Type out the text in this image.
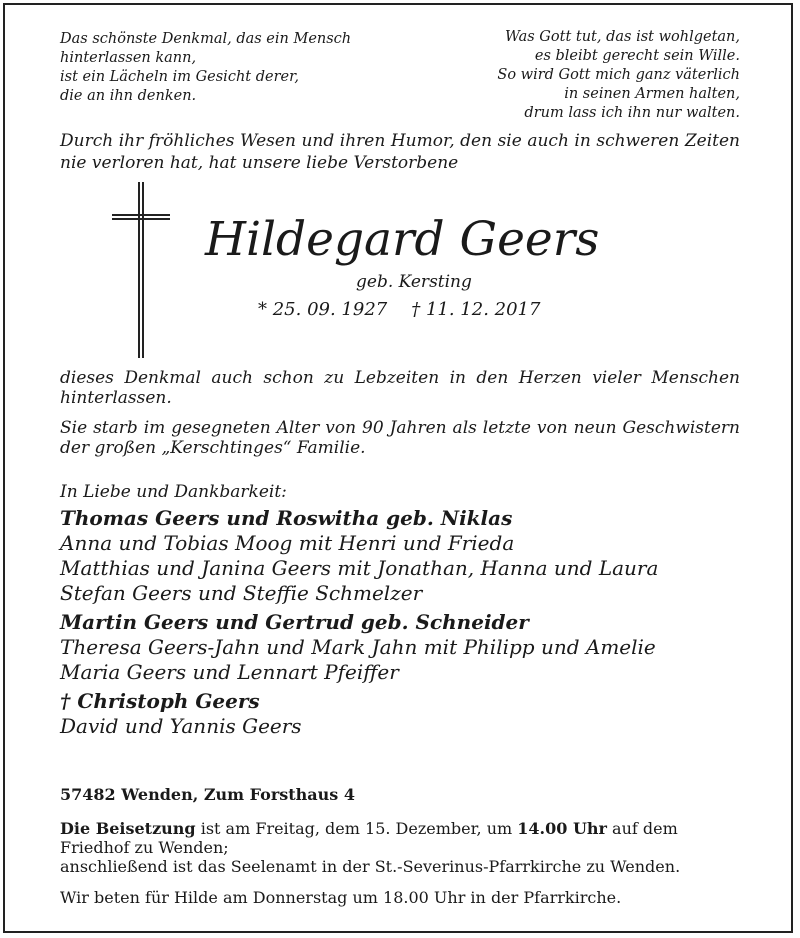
Das schönste Denkmal, das ein Mensch
hinterlassen kann,
ist ein Lächeln im Gesicht derer,
die an ihn denken.
Was Gott tut, das ist wohlgetan,
es bleibt gerecht sein Wille.
So wird Gott mich ganz väterlich
in seinen Armen halten,
drum lass ich ihn nur walten.
Durch ihr fröhliches Wesen und ihren Humor, den sie auch in schweren Zeiten nie verloren hat, hat unsere liebe Verstorbene
Hildegard Geers
geb. Kersting
* 25. 09. 1927 † 11. 12. 2017
dieses Denkmal auch schon zu Lebzeiten in den Herzen vieler Menschen hinterlassen.
Sie starb im gesegneten Alter von 90 Jahren als letzte von neun Geschwistern der großen „Kerschtinges“ Familie.
In Liebe und Dankbarkeit:
Thomas Geers und Roswitha geb. Niklas
Anna und Tobias Moog mit Henri und Frieda
Matthias und Janina Geers mit Jonathan, Hanna und Laura
Stefan Geers und Steffie Schmelzer
Martin Geers und Gertrud geb. Schneider
Theresa Geers-Jahn und Mark Jahn mit Philipp und Amelie
Maria Geers und Lennart Pfeiffer
† Christoph Geers
David und Yannis Geers
57482 Wenden, Zum Forsthaus 4
Die Beisetzung ist am Freitag, dem 15. Dezember, um 14.00 Uhr auf dem Friedhof zu Wenden;
anschließend ist das Seelenamt in der St.-Severinus-Pfarrkirche zu Wenden.
Wir beten für Hilde am Donnerstag um 18.00 Uhr in der Pfarrkirche.
